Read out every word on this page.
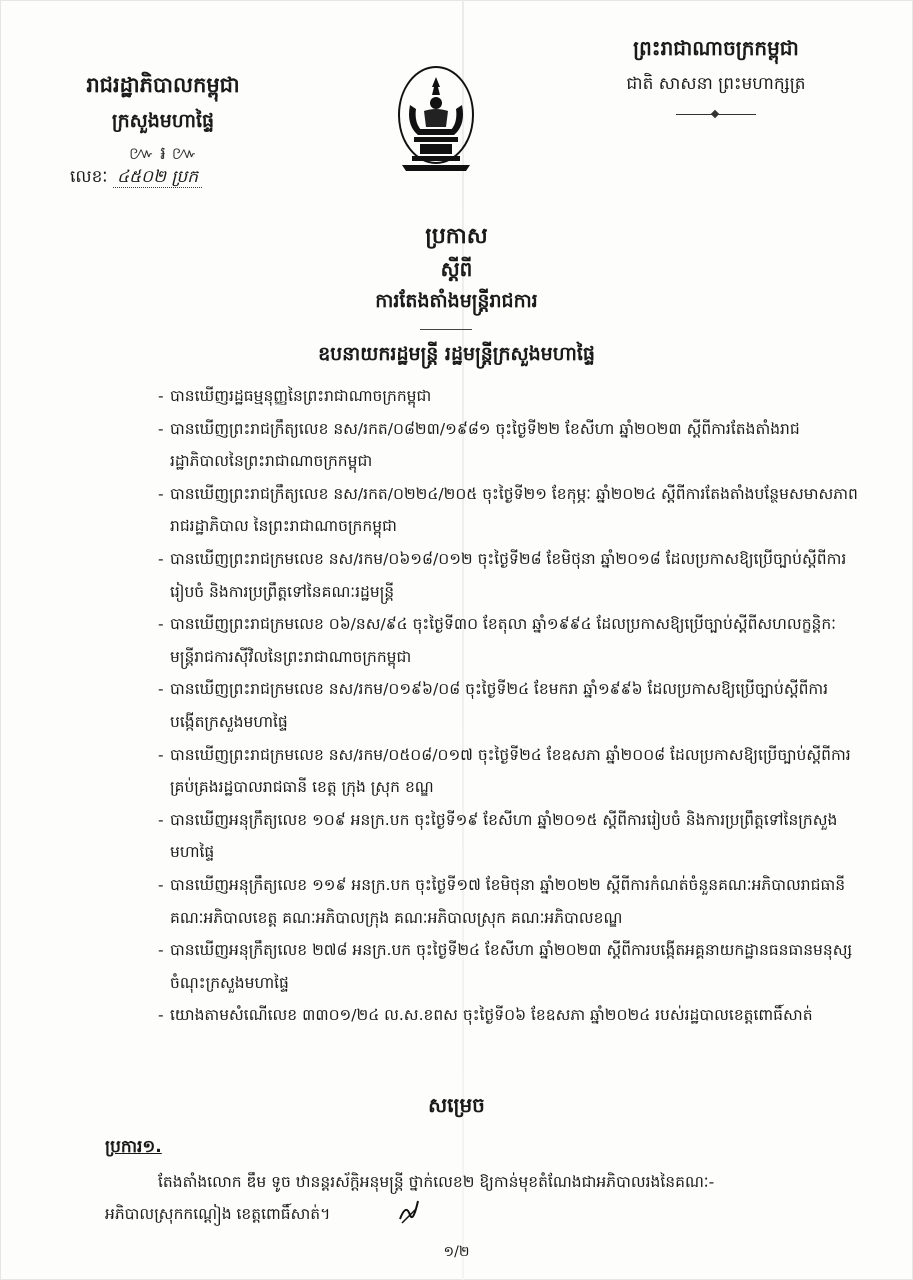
រាជរដ្ឋាភិបាលកម្ពុជា
ក្រសួងមហាផ្ទៃ
៚ ៛ ៚
លេខៈ ៤៥០២ ប្រក
ព្រះរាជាណាចក្រកម្ពុជា
ជាតិ សាសនា ព្រះមហាក្សត្រ
ប្រកាស
ស្តីពី
ការតែងតាំងមន្ត្រីរាជការ
ឧបនាយករដ្ឋមន្ត្រី រដ្ឋមន្ត្រីក្រសួងមហាផ្ទៃ
- បានឃើញរដ្ឋធម្មនុញ្ញនៃព្រះរាជាណាចក្រកម្ពុជា
- បានឃើញព្រះរាជក្រឹត្យលេខ នស/រកត/០៨២៣/១៩៨១ ចុះថ្ងៃទី២២ ខែសីហា ឆ្នាំ២០២៣ ស្តីពីការតែងតាំងរាជរដ្ឋាភិបាលនៃព្រះរាជាណាចក្រកម្ពុជា
- បានឃើញព្រះរាជក្រឹត្យលេខ នស/រកត/០២២៤/២០៥ ចុះថ្ងៃទី២១ ខែកុម្ភៈ ឆ្នាំ២០២៤ ស្តីពីការតែងតាំងបន្ថែមសមាសភាពរាជរដ្ឋាភិបាល នៃព្រះរាជាណាចក្រកម្ពុជា
- បានឃើញព្រះរាជក្រមលេខ នស/រកម/០៦១៨/០១២ ចុះថ្ងៃទី២៨ ខែមិថុនា ឆ្នាំ២០១៨ ដែលប្រកាសឱ្យប្រើច្បាប់ស្តីពីការរៀបចំ និងការប្រព្រឹត្តទៅនៃគណៈរដ្ឋមន្ត្រី
- បានឃើញព្រះរាជក្រមលេខ ០៦/នស/៩៤ ចុះថ្ងៃទី៣០ ខែតុលា ឆ្នាំ១៩៩៤ ដែលប្រកាសឱ្យប្រើច្បាប់ស្តីពីសហលក្ខន្តិកៈមន្ត្រីរាជការស៊ីវិលនៃព្រះរាជាណាចក្រកម្ពុជា
- បានឃើញព្រះរាជក្រមលេខ នស/រកម/០១៩៦/០៨ ចុះថ្ងៃទី២៤ ខែមករា ឆ្នាំ១៩៩៦ ដែលប្រកាសឱ្យប្រើច្បាប់ស្តីពីការបង្កើតក្រសួងមហាផ្ទៃ
- បានឃើញព្រះរាជក្រមលេខ នស/រកម/០៥០៨/០១៧ ចុះថ្ងៃទី២៤ ខែឧសភា ឆ្នាំ២០០៨ ដែលប្រកាសឱ្យប្រើច្បាប់ស្តីពីការគ្រប់គ្រងរដ្ឋបាលរាជធានី ខេត្ត ក្រុង ស្រុក ខណ្ឌ
- បានឃើញអនុក្រឹត្យលេខ ១០៩ អនក្រ.បក ចុះថ្ងៃទី១៩ ខែសីហា ឆ្នាំ២០១៥ ស្តីពីការរៀបចំ និងការប្រព្រឹត្តទៅនៃក្រសួងមហាផ្ទៃ
- បានឃើញអនុក្រឹត្យលេខ ១១៩ អនក្រ.បក ចុះថ្ងៃទី១៧ ខែមិថុនា ឆ្នាំ២០២២ ស្តីពីការកំណត់ចំនួនគណៈអភិបាលរាជធានី គណៈអភិបាលខេត្ត គណៈអភិបាលក្រុង គណៈអភិបាលស្រុក គណៈអភិបាលខណ្ឌ
- បានឃើញអនុក្រឹត្យលេខ ២៧៨ អនក្រ.បក ចុះថ្ងៃទី២៤ ខែសីហា ឆ្នាំ២០២៣ ស្តីពីការបង្កើតអគ្គនាយកដ្ឋានធនធានមនុស្ស ចំណុះក្រសួងមហាផ្ទៃ
- យោងតាមសំណើលេខ ៣៣០១/២៤ ល.ស.ខពស ចុះថ្ងៃទី០៦ ខែឧសភា ឆ្នាំ២០២៤ របស់រដ្ឋបាលខេត្តពោធិ៍សាត់
សម្រេច
ប្រការ១.
តែងតាំងលោក ឌឹម ទូច ឋានន្តរស័ក្តិអនុមន្ត្រី ថ្នាក់លេខ២ ឱ្យកាន់មុខតំណែងជាអភិបាលរងនៃគណៈ-
អភិបាលស្រុកកណ្តៀង ខេត្តពោធិ៍សាត់។
១/២
